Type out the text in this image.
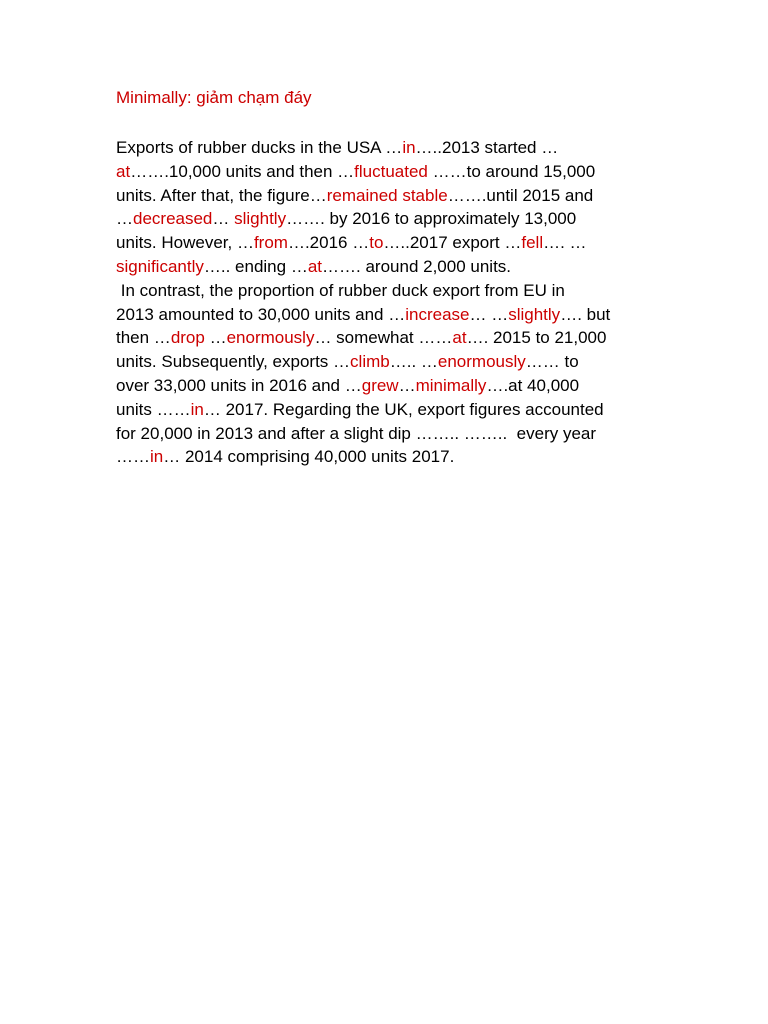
Minimally: giảm chạm đáy
Exports of rubber ducks in the USA …in…..2013 started …
at…….10,000 units and then …fluctuated ……to around 15,000
units. After that, the figure…remained stable…….until 2015 and
…decreased… slightly……. by 2016 to approximately 13,000
units. However, …from….2016 …to…..2017 export …fell…. …
significantly….. ending …at……. around 2,000 units.
In contrast, the proportion of rubber duck export from EU in
2013 amounted to 30,000 units and …increase… …slightly…. but
then …drop …enormously… somewhat ……at…. 2015 to 21,000
units. Subsequently, exports …climb….. …enormously…… to
over 33,000 units in 2016 and …grew…minimally….at 40,000
units ……in… 2017. Regarding the UK, export figures accounted
for 20,000 in 2013 and after a slight dip …….. ……..  every year
……in… 2014 comprising 40,000 units 2017.
